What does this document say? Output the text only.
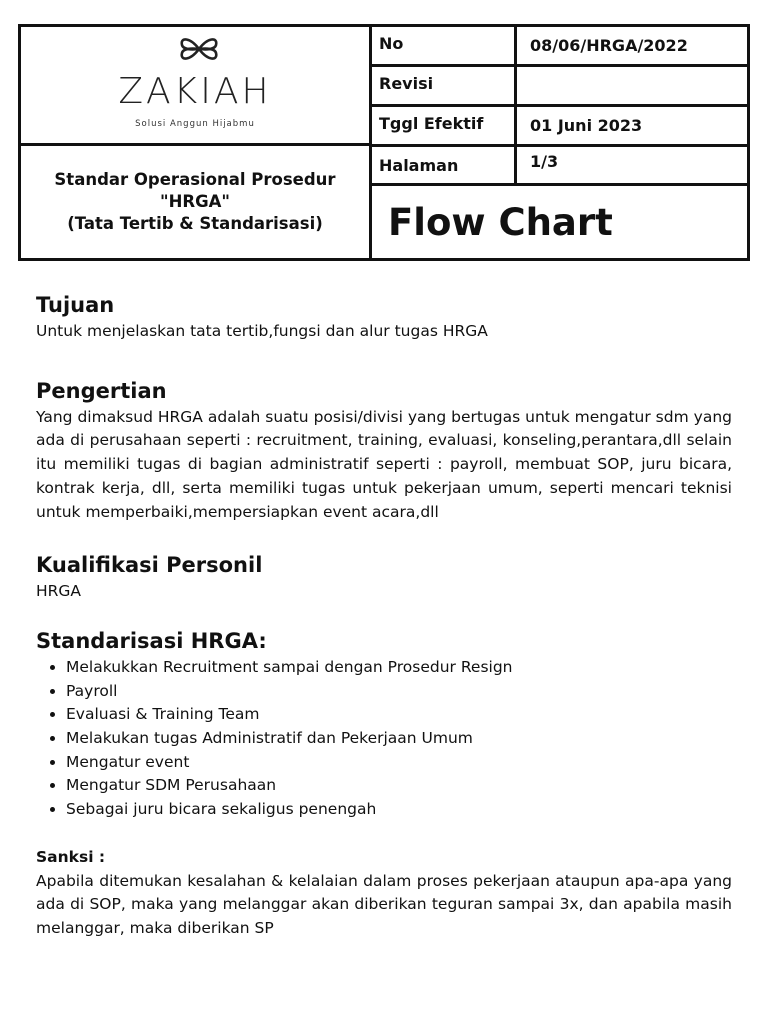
ZAKIAH
Solusi Anggun Hijabmu
Standar Operasional Prosedur
"HRGA"
(Tata Tertib & Standarisasi)
No	08/06/HRGA/2022
Revisi
Tggl Efektif	01 Juni 2023
Halaman	1/3
Flow Chart
Tujuan

Untuk menjelaskan tata tertib,fungsi dan alur tugas HRGA

Pengertian

Yang dimaksud HRGA adalah suatu posisi/divisi yang bertugas untuk mengatur sdm yang ada di perusahaan seperti : recruitment, training, evaluasi, konseling,perantara,dll selain itu memiliki tugas di bagian administratif seperti : payroll, membuat SOP, juru bicara, kontrak kerja, dll, serta memiliki tugas untuk pekerjaan umum, seperti mencari teknisi untuk memperbaiki,mempersiapkan event acara,dll

Kualifikasi Personil

HRGA

Standarisasi HRGA:
• Melakukkan Recruitment sampai dengan Prosedur Resign
• Payroll
• Evaluasi & Training Team
• Melakukan tugas Administratif dan Pekerjaan Umum
• Mengatur event
• Mengatur SDM Perusahaan
• Sebagai juru bicara sekaligus penengah
Sanksi :

Apabila ditemukan kesalahan & kelalaian dalam proses pekerjaan ataupun apa-apa yang ada di SOP, maka yang melanggar akan diberikan teguran sampai 3x, dan apabila masih melanggar, maka diberikan SP
